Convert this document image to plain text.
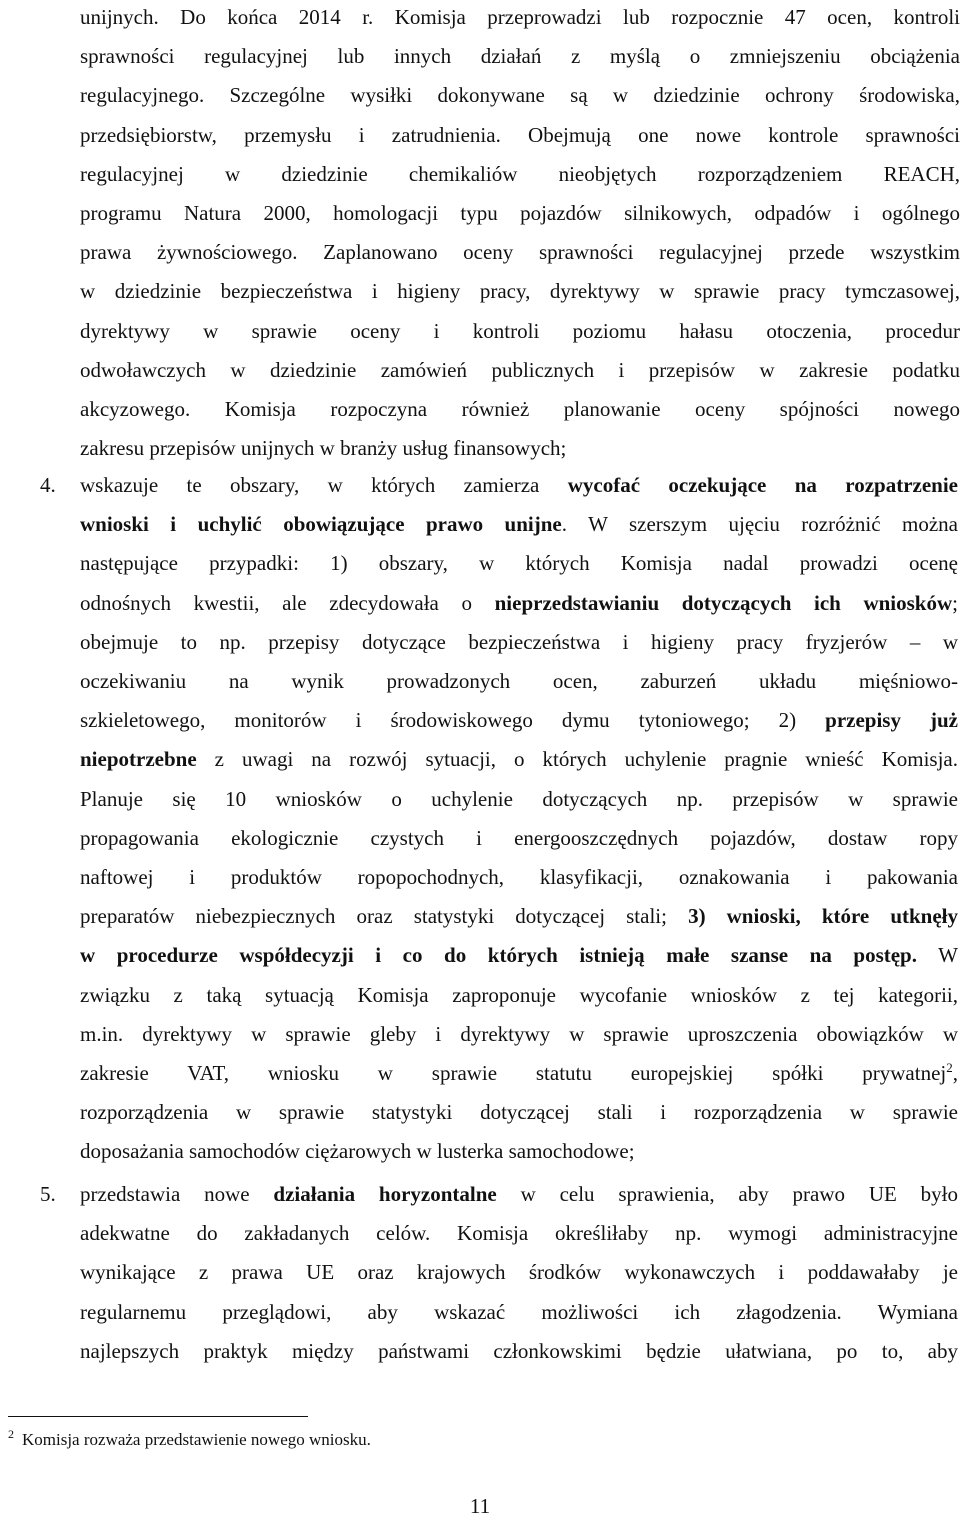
unijnych. Do końca 2014 r. Komisja przeprowadzi lub rozpocznie 47 ocen, kontroli
sprawności regulacyjnej lub innych działań z myślą o zmniejszeniu obciążenia
regulacyjnego. Szczególne wysiłki dokonywane są w dziedzinie ochrony środowiska,
przedsiębiorstw, przemysłu i zatrudnienia. Obejmują one nowe kontrole sprawności
regulacyjnej w dziedzinie chemikaliów nieobjętych rozporządzeniem REACH,
programu Natura 2000, homologacji typu pojazdów silnikowych, odpadów i ogólnego
prawa żywnościowego. Zaplanowano oceny sprawności regulacyjnej przede wszystkim
w dziedzinie bezpieczeństwa i higieny pracy, dyrektywy w sprawie pracy tymczasowej,
dyrektywy w sprawie oceny i kontroli poziomu hałasu otoczenia, procedur
odwoławczych w dziedzinie zamówień publicznych i przepisów w zakresie podatku
akcyzowego. Komisja rozpoczyna również planowanie oceny spójności nowego
zakresu przepisów unijnych w branży usług finansowych;
4. wskazuje te obszary, w których zamierza wycofać oczekujące na rozpatrzenie
wnioski i uchylić obowiązujące prawo unijne. W szerszym ujęciu rozróżnić można
następujące przypadki: 1) obszary, w których Komisja nadal prowadzi ocenę
odnośnych kwestii, ale zdecydowała o nieprzedstawianiu dotyczących ich wniosków;
obejmuje to np. przepisy dotyczące bezpieczeństwa i higieny pracy fryzjerów – w
oczekiwaniu na wynik prowadzonych ocen, zaburzeń układu mięśniowo-
szkieletowego, monitorów i środowiskowego dymu tytoniowego; 2) przepisy już
niepotrzebne z uwagi na rozwój sytuacji, o których uchylenie pragnie wnieść Komisja.
Planuje się 10 wniosków o uchylenie dotyczących np. przepisów w sprawie
propagowania ekologicznie czystych i energooszczędnych pojazdów, dostaw ropy
naftowej i produktów ropopochodnych, klasyfikacji, oznakowania i pakowania
preparatów niebezpiecznych oraz statystyki dotyczącej stali; 3) wnioski, które utknęły
w procedurze współdecyzji i co do których istnieją małe szanse na postęp. W
związku z taką sytuacją Komisja zaproponuje wycofanie wniosków z tej kategorii,
m.in. dyrektywy w sprawie gleby i dyrektywy w sprawie uproszczenia obowiązków w
zakresie VAT, wniosku w sprawie statutu europejskiej spółki prywatnej$^2$,
rozporządzenia w sprawie statystyki dotyczącej stali i rozporządzenia w sprawie
doposażania samochodów ciężarowych w lusterka samochodowe;
5. przedstawia nowe działania horyzontalne w celu sprawienia, aby prawo UE było
adekwatne do zakładanych celów. Komisja określiłaby np. wymogi administracyjne
wynikające z prawa UE oraz krajowych środków wykonawczych i poddawałaby je
regularnemu przeglądowi, aby wskazać możliwości ich złagodzenia. Wymiana
najlepszych praktyk między państwami członkowskimi będzie ułatwiana, po to, aby
$^2$ Komisja rozważa przedstawienie nowego wniosku.
11
